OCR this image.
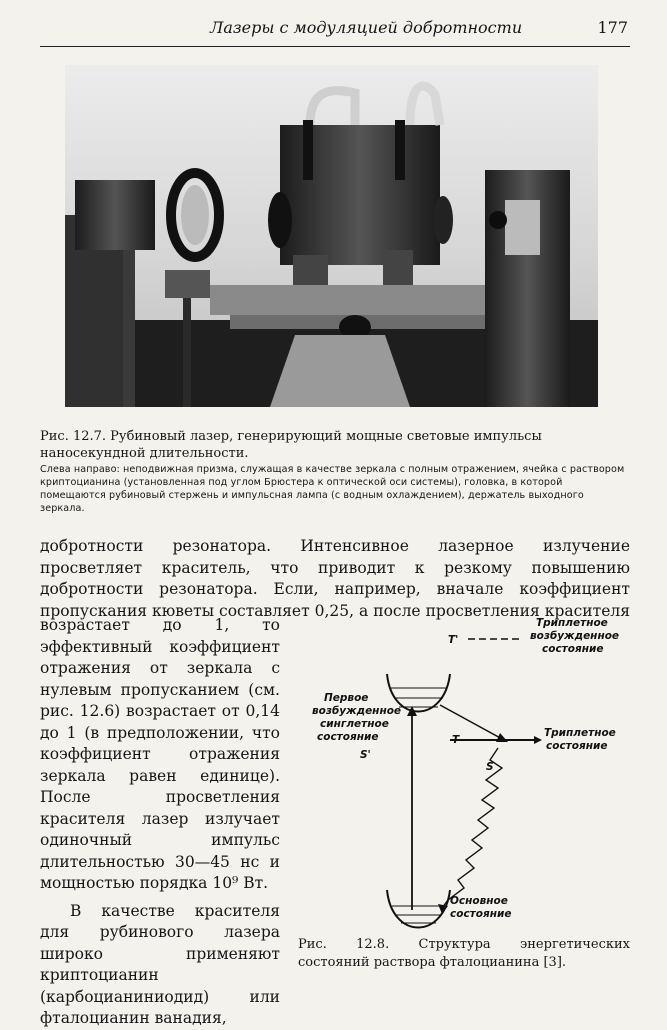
Лазеры с модуляцией добротности	177
Рис. 12.7. Рубиновый лазер, генерирующий мощные световые импульсы наносекундной длительности.
Слева направо: неподвижная призма, служащая в качестве зеркала с полным отражением, ячейка с раствором криптоцианина (установленная под углом Брюстера к оптической оси системы), головка, в которой помещаются рубиновый стержень и импульсная лампа (с водным охлаждением), держатель выходного зеркала.
добротности резонатора. Интенсивное лазерное излучение
просветляет краситель, что приводит к резкому повышению
добротности резонатора. Если, например, вначале коэффициент
пропускания кюветы составляет 0,25, а после просветления красителя
В качестве красителя для рубинового лазера широко применяют криптоцианин (карбоцианиниодид) или фталоцианин ванадия,
T'
Триплетное
возбужденное
состояние
Первое
возбужденное
синглетное
состояние
S'
T
Триплетное
состояние
S
Основное
состояние
Рис. 12.8. Структура энергетических состояний раствора фталоцианина [3].
возрастает до 1, то
эффективный коэффициент
отражения от зеркала с
нулевым пропусканием (см.
рис. 12.6) возрастает от 0,14
до 1 (в предположении, что
коэффициент отражения
зеркала равен единице).
После просветления
красителя лазер излучает
одиночный импульс
длительностью 30—45 нс и
мощностью порядка 10⁹ Вт.
